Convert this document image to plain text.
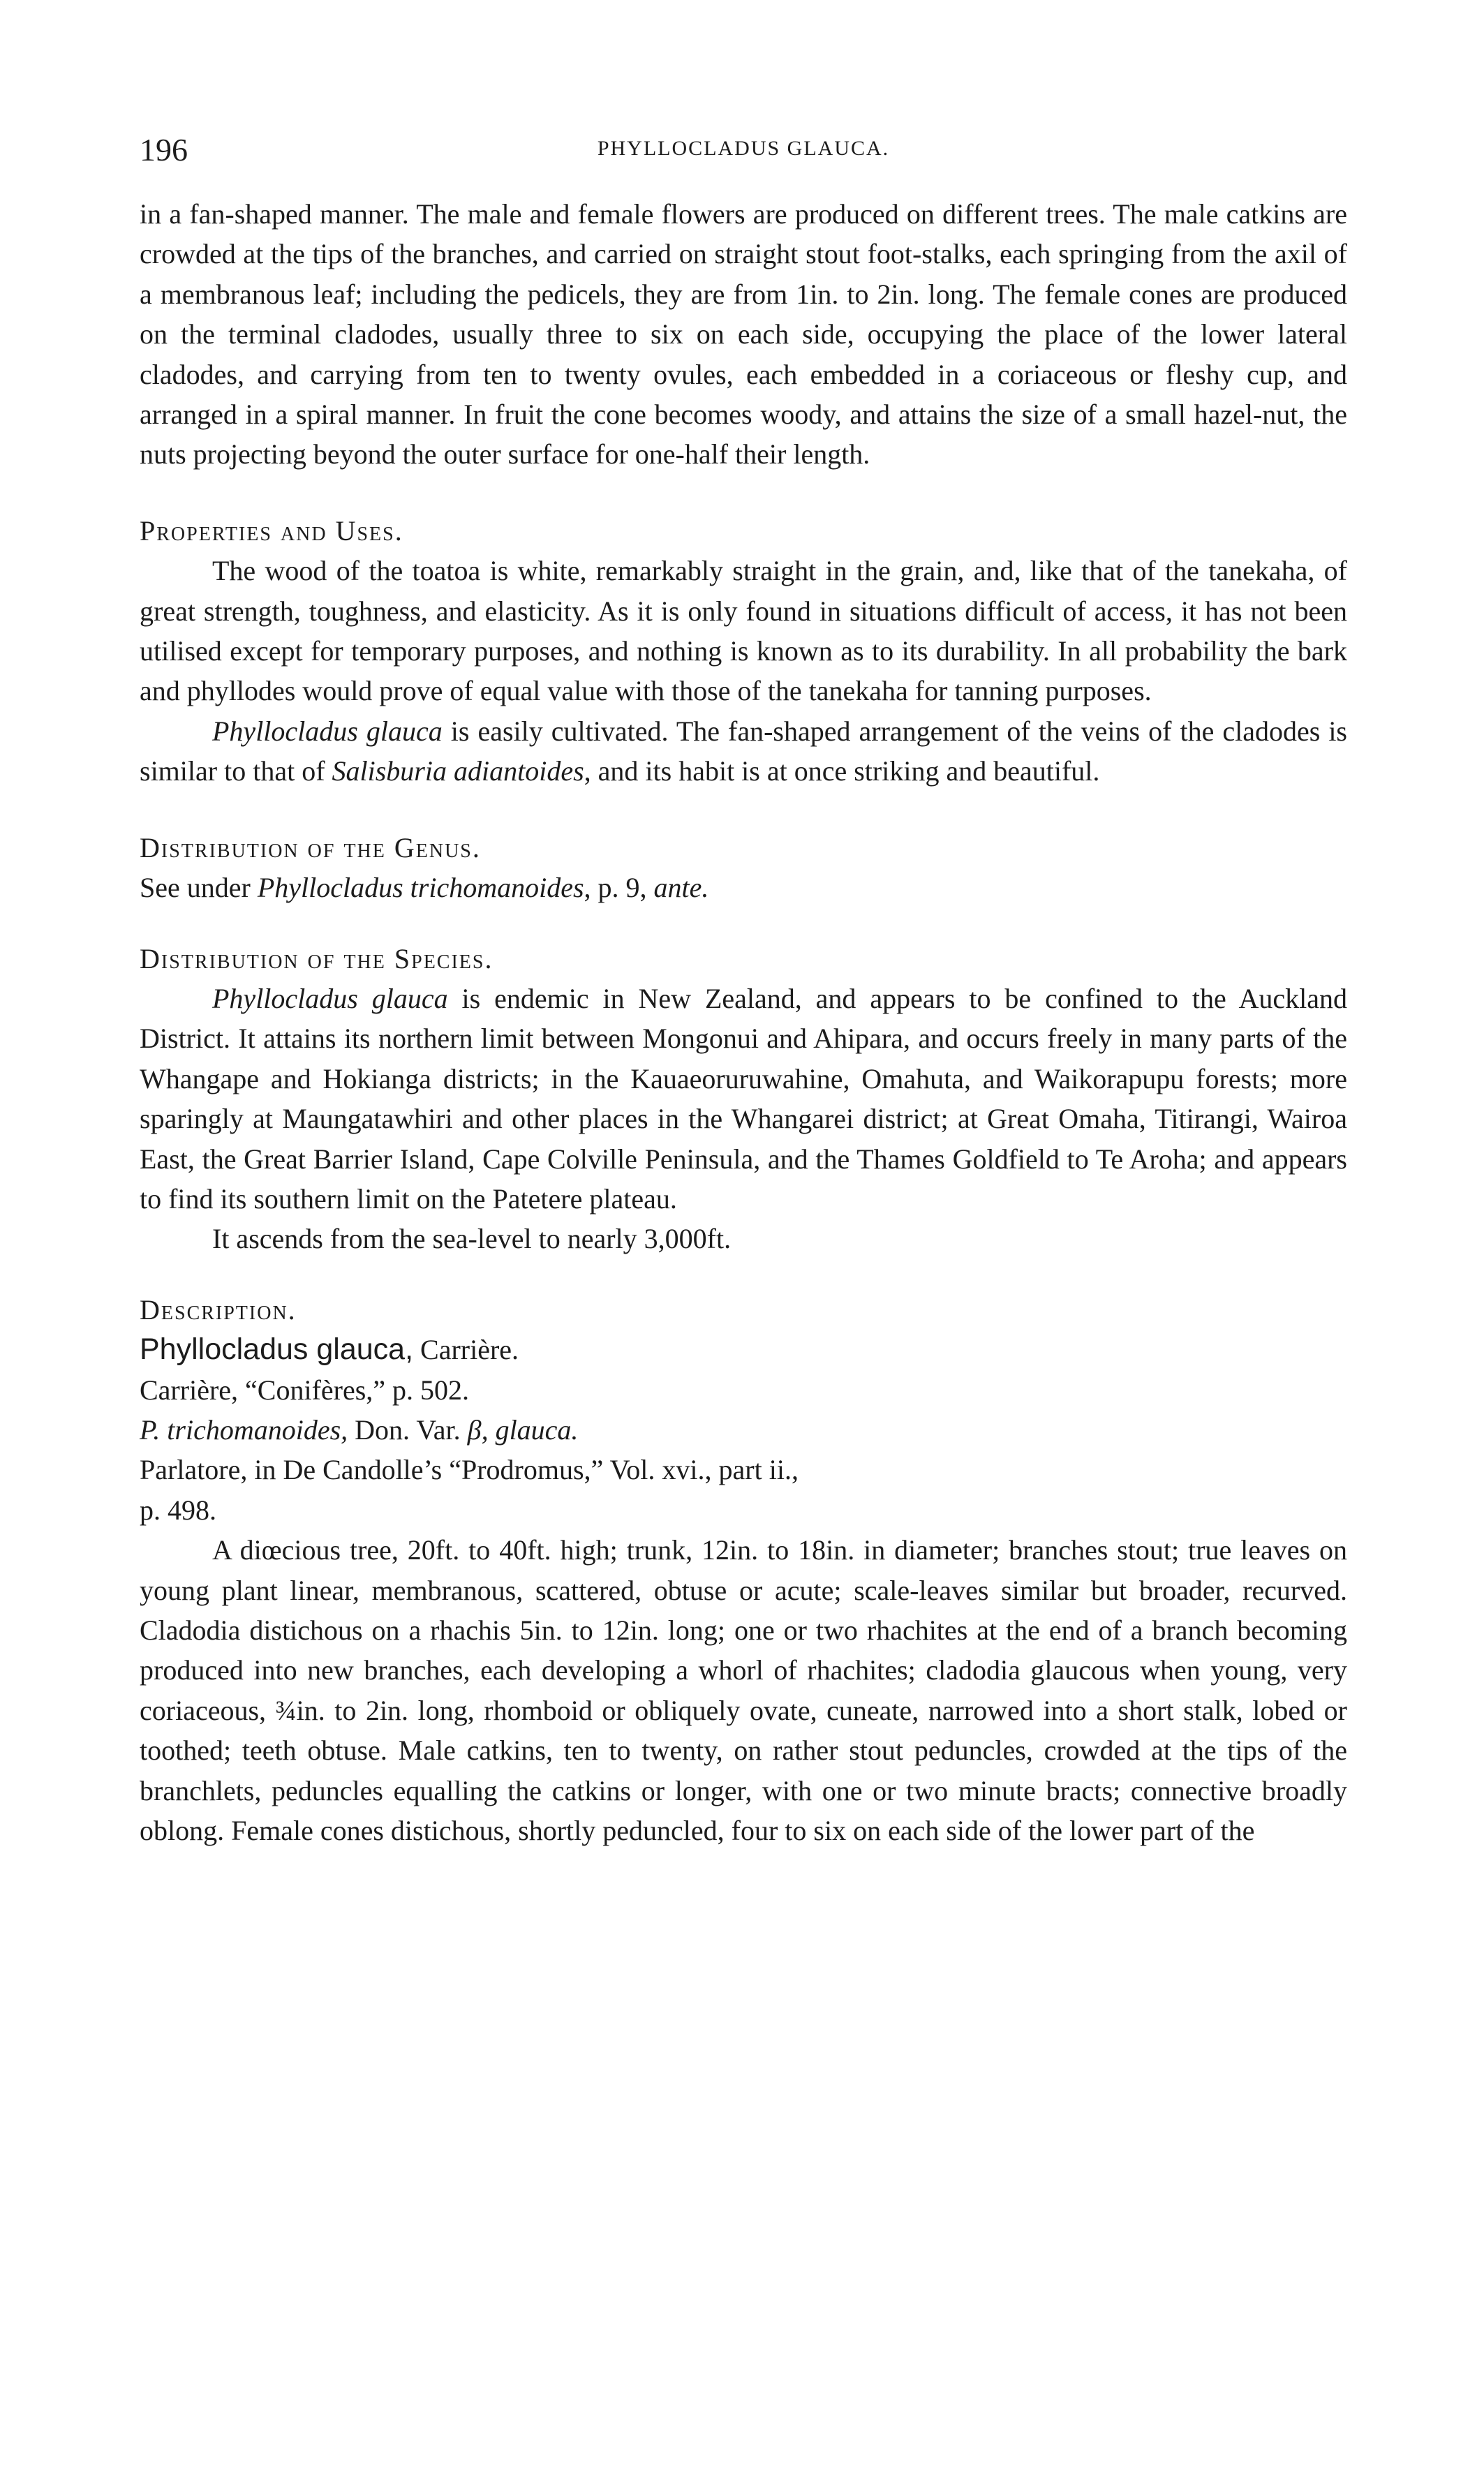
196	PHYLLOCLADUS GLAUCA.

in a fan-shaped manner. The male and female flowers are produced on different trees. The male catkins are crowded at the tips of the branches, and carried on straight stout foot-stalks, each springing from the axil of a membranous leaf; including the pedicels, they are from 1in. to 2in. long. The female cones are produced on the terminal cladodes, usually three to six on each side, occupying the place of the lower lateral cladodes, and carrying from ten to twenty ovules, each embedded in a coriaceous or fleshy cup, and arranged in a spiral manner. In fruit the cone becomes woody, and attains the size of a small hazel-nut, the nuts projecting beyond the outer surface for one-half their length.

Properties and Uses.

The wood of the toatoa is white, remarkably straight in the grain, and, like that of the tanekaha, of great strength, toughness, and elasticity. As it is only found in situations difficult of access, it has not been utilised except for temporary purposes, and nothing is known as to its durability. In all probability the bark and phyllodes would prove of equal value with those of the tanekaha for tanning purposes.

Phyllocladus glauca is easily cultivated. The fan-shaped arrangement of the veins of the cladodes is similar to that of Salisburia adiantoides, and its habit is at once striking and beautiful.

Distribution of the Genus.

See under Phyllocladus trichomanoides, p. 9, ante.

Distribution of the Species.

Phyllocladus glauca is endemic in New Zealand, and appears to be confined to the Auckland District. It attains its northern limit between Mongonui and Ahipara, and occurs freely in many parts of the Whangape and Hokianga districts; in the Kauaeoruruwahine, Omahuta, and Waikorapupu forests; more sparingly at Maungatawhiri and other places in the Whangarei district; at Great Omaha, Titirangi, Wairoa East, the Great Barrier Island, Cape Colville Peninsula, and the Thames Goldfield to Te Aroha; and appears to find its southern limit on the Patetere plateau.

It ascends from the sea-level to nearly 3,000ft.

Description.

Phyllocladus glauca, Carrière.

Carrière, “Conifères,” p. 502.

P. trichomanoides, Don. Var. β, glauca.

Parlatore, in De Candolle’s “Prodromus,” Vol. xvi., part ii.,

p. 498.

A diœcious tree, 20ft. to 40ft. high; trunk, 12in. to 18in. in diameter; branches stout; true leaves on young plant linear, membranous, scattered, obtuse or acute; scale-leaves similar but broader, recurved. Cladodia distichous on a rhachis 5in. to 12in. long; one or two rhachites at the end of a branch becoming produced into new branches, each developing a whorl of rhachites; cladodia glaucous when young, very coriaceous, ¾in. to 2in. long, rhomboid or obliquely ovate, cuneate, narrowed into a short stalk, lobed or toothed; teeth obtuse. Male catkins, ten to twenty, on rather stout peduncles, crowded at the tips of the branchlets, peduncles equalling the catkins or longer, with one or two minute bracts; connective broadly oblong. Female cones distichous, shortly peduncled, four to six on each side of the lower part of the
